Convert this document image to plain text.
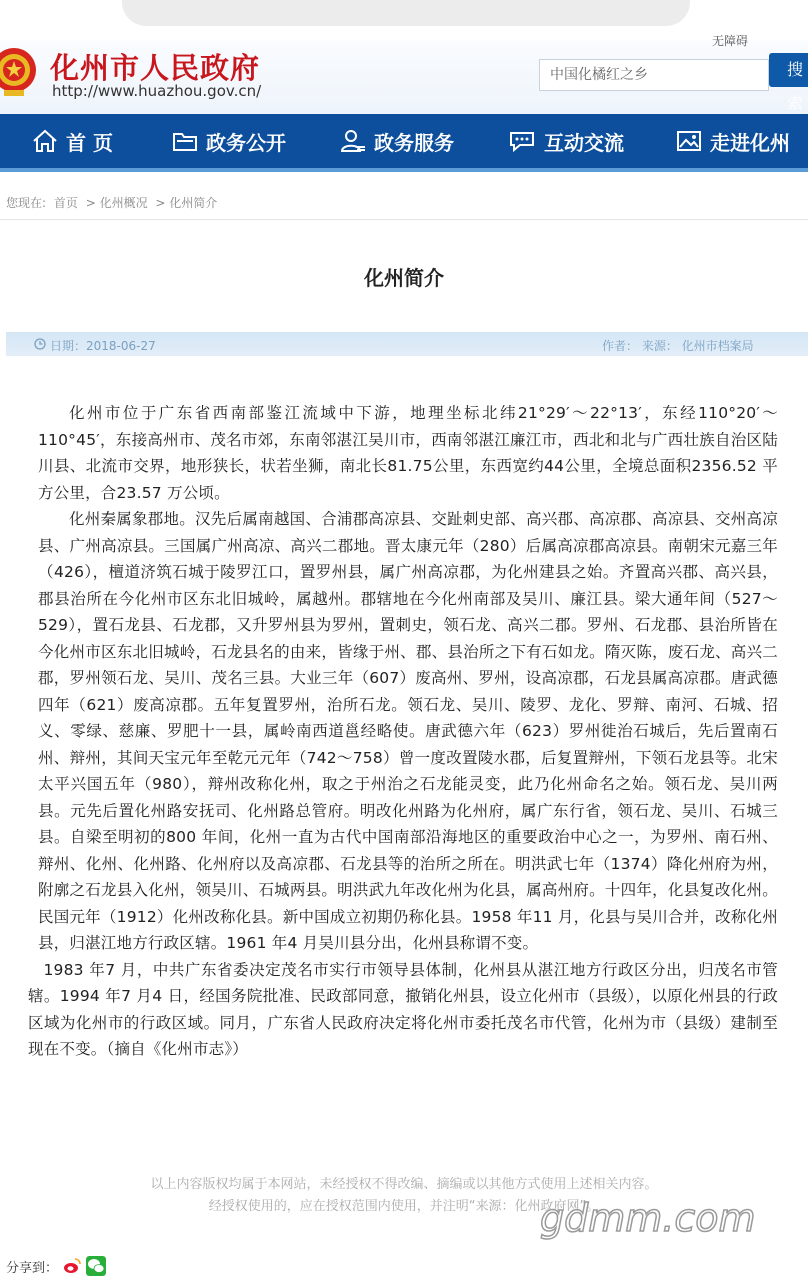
无障碍
化州市人民政府
http://www.huazhou.gov.cn/
中国化橘红之乡	搜索
首 页	政务公开	政务服务	互动交流	走进化州
您现在: 首页 > 化州概况 > 化州简介
化州简介
日期：2018-06-27	作者： 来源： 化州市档案局

化州市位于广东省西南部鉴江流域中下游，地理坐标北纬21°29′～22°13′，东经110°20′～110°45′，东接高州市、茂名市郊，东南邻湛江吴川市，西南邻湛江廉江市，西北和北与广西壮族自治区陆川县、北流市交界，地形狭长，状若坐狮，南北长81.75公里，东西宽约44公里，全境总面积2356.52 平方公里，合23.57 万公顷。

化州秦属象郡地。汉先后属南越国、合浦郡高凉县、交趾刺史部、高兴郡、高凉郡、高凉县、交州高凉县、广州高凉县。三国属广州高凉、高兴二郡地。晋太康元年（280）后属高凉郡高凉县。南朝宋元嘉三年（426），檀道济筑石城于陵罗江口，置罗州县，属广州高凉郡，为化州建县之始。齐置高兴郡、高兴县，郡县治所在今化州市区东北旧城岭，属越州。郡辖地在今化州南部及吴川、廉江县。梁大通年间（527～529），置石龙县、石龙郡，又升罗州县为罗州，置刺史，领石龙、高兴二郡。罗州、石龙郡、县治所皆在今化州市区东北旧城岭，石龙县名的由来，皆缘于州、郡、县治所之下有石如龙。隋灭陈，废石龙、高兴二郡，罗州领石龙、吴川、茂名三县。大业三年（607）废高州、罗州，设高凉郡，石龙县属高凉郡。唐武德四年（621）废高凉郡。五年复置罗州，治所石龙。领石龙、吴川、陵罗、龙化、罗辩、南河、石城、招义、零绿、慈廉、罗肥十一县，属岭南西道邕经略使。唐武德六年（623）罗州徙治石城后，先后置南石州、辩州，其间天宝元年至乾元元年（742～758）曾一度改置陵水郡，后复置辩州，下领石龙县等。北宋太平兴国五年（980），辩州改称化州，取之于州治之石龙能灵变，此乃化州命名之始。领石龙、吴川两县。元先后置化州路安抚司、化州路总管府。明改化州路为化州府，属广东行省，领石龙、吴川、石城三县。自梁至明初的800 年间，化州一直为古代中国南部沿海地区的重要政治中心之一，为罗州、南石州、辩州、化州、化州路、化州府以及高凉郡、石龙县等的治所之所在。明洪武七年（1374）降化州府为州，附廓之石龙县入化州，领吴川、石城两县。明洪武九年改化州为化县，属高州府。十四年，化县复改化州。民国元年（1912）化州改称化县。新中国成立初期仍称化县。1958 年11 月，化县与吴川合并，改称化州县，归湛江地方行政区辖。1961 年4 月吴川县分出，化州县称谓不变。

1983 年7 月，中共广东省委决定茂名市实行市领导县体制，化州县从湛江地方行政区分出，归茂名市管辖。1994 年7 月4 日，经国务院批准、民政部同意，撤销化州县，设立化州市（县级），以原化州县的行政区域为化州市的行政区域。同月，广东省人民政府决定将化州市委托茂名市代管，化州为市（县级）建制至现在不变。（摘自《化州市志》）

以上内容版权均属于本网站，未经授权不得改编、摘编或以其他方式使用上述相关内容。
经授权使用的，应在授权范围内使用，并注明“来源：化州政府网”。
gdmm.com
分享到：
